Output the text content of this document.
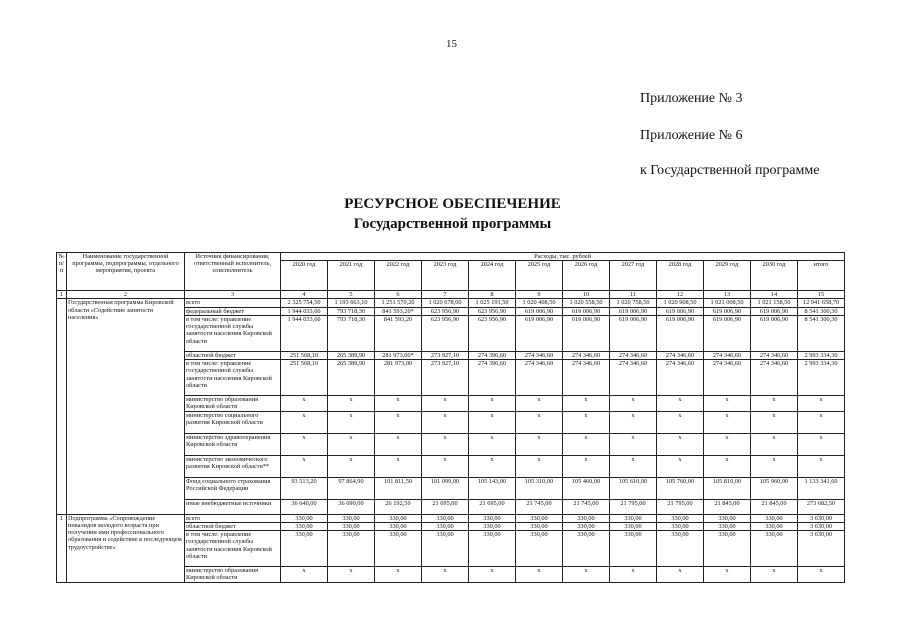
15
Приложение № 3
Приложение № 6
к Государственной программе
РЕСУРСНОЕ ОБЕСПЕЧЕНИЕ
Государственной программы
№ п/п	Наименование государственной программы, подпрограммы, отдельного мероприятия, проекта	Источник финансирования, ответственный исполнитель, соисполнитель	Расходы, тыс. рублей											
			2020 год	2021 год	2022 год	2023 год	2024 год	2025 год	2026 год	2027 год	2028 год	2029 год	2030 год	итого
1	2	3	4	5	6	7	8	9	10	11	12	13	14	15
	Государственная программа Кировской области «Содействие занятости населения»	всего	2 325 754,50	1 193 663,10	1 251 570,20	1 020 678,00	1 025 191,50	1 020 408,50	1 020 558,50	1 020 758,50	1 020 908,50	1 021 008,50	1 021 158,50	12 941 658,70
		федеральный бюджет	1 944 033,60	793 718,30	841 593,20*	623 956,90	623 956,90	619 006,90	619 006,90	619 006,90	619 006,90	619 006,90	619 006,90	8 541 300,30
		в том числе: управление государственной службы занятости населения Кировской области	1 944 033,60	793 718,30	841 593,20	623 956,90	623 956,90	619 006,90	619 006,90	619 006,90	619 006,90	619 006,90	619 006,90	8 541 300,30
		областной бюджет	251 568,10	265 389,90	281 973,00*	273 927,10	274 396,60	274 346,60	274 346,60	274 346,60	274 346,60	274 346,60	274 346,60	2 993 334,30
		в том числе: управление государственной службы занятости населения Кировской области	251 568,10	265 389,90	281 973,00	273 927,10	274 396,60	274 346,60	274 346,60	274 346,60	274 346,60	274 346,60	274 346,60	2 993 334,30
		министерство образования Кировской области	x	x	x	x	x	x	x	x	x	x	x	x
		министерство социального развития Кировской области	x	x	x	x	x	x	x	x	x	x	x	x
		министерство здравоохранения Кировской области	x	x	x	x	x	x	x	x	x	x	x	x
		министерство экономического развития Кировской области**	x	x	x	x	x	x	x	x	x	x	x	x
		Фонд социального страхования Российской Федерации	93 513,20	97 864,90	101 811,50	101 099,00	105 143,00	105 310,00	105 460,00	105 610,00	105 760,00	105 810,00	105 960,00	1 133 341,60
		иные внебюджетные источники	36 640,00	36 690,00	26 192,50	21 695,00	21 695,00	21 745,00	21 745,00	21 795,00	21 795,00	21 845,00	21 845,00	273 682,50
1	Подпрограмма «Сопровождение инвалидов молодого возраста при получении ими профессионального образования и содействие в последующем трудоустройстве»	всего	330,00	330,00	330,00	330,00	330,00	330,00	330,00	330,00	330,00	330,00	330,00	3 630,00
		областной бюджет	330,00	330,00	330,00	330,00	330,00	330,00	330,00	330,00	330,00	330,00	330,00	3 630,00
		в том числе: управление государственной службы занятости населения Кировской области	330,00	330,00	330,00	330,00	330,00	330,00	330,00	330,00	330,00	330,00	330,00	3 630,00
		министерство образования Кировской области	x	x	x	x	x	x	x	x	x	x	x	x
